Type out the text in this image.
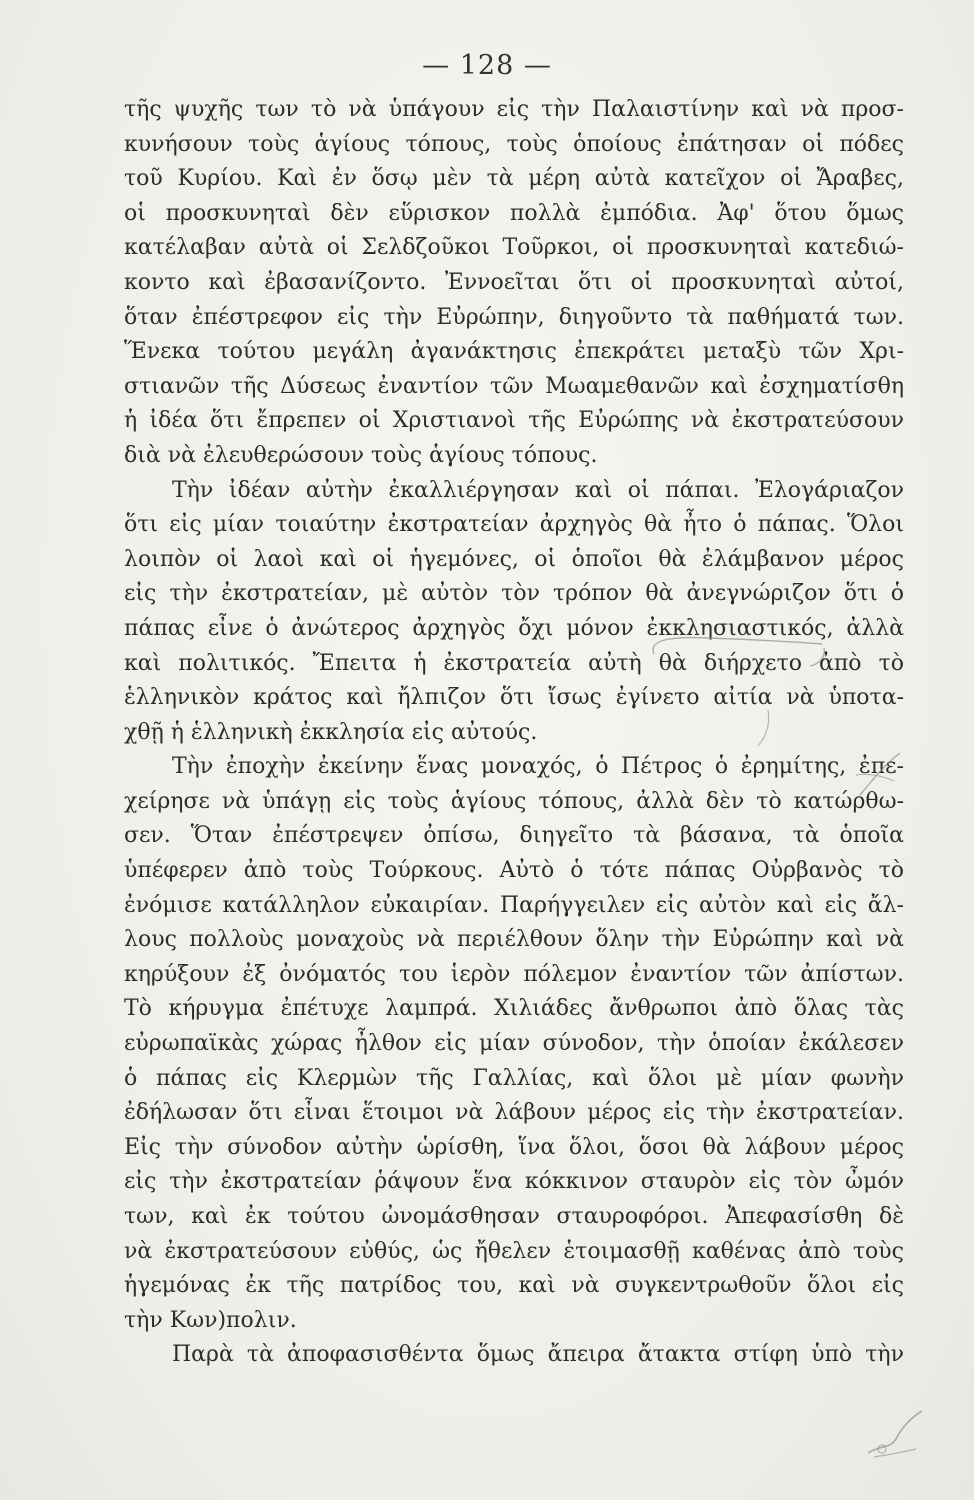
— 128 —
τῆς ψυχῆς των τὸ νὰ ὑπάγουν εἰς τὴν Παλαιστίνην καὶ νὰ προσ-
κυνήσουν τοὺς ἁγίους τόπους, τοὺς ὁποίους ἐπάτησαν οἱ πόδες
τοῦ Κυρίου. Καὶ ἐν ὅσῳ μὲν τὰ μέρη αὐτὰ κατεῖχον οἱ Ἄραβες,
οἱ προσκυνηταὶ δὲν εὕρισκον πολλὰ ἐμπόδια. Ἀφ' ὅτου ὅμως
κατέλαβαν αὐτὰ οἱ Σελδζοῦκοι Τοῦρκοι, οἱ προσκυνηταὶ κατεδιώ-
κοντο καὶ ἐβασανίζοντο. Ἐννοεῖται ὅτι οἱ προσκυνηταὶ αὐτοί,
ὅταν ἐπέστρεφον εἰς τὴν Εὐρώπην, διηγοῦντο τὰ παθήματά των.
Ἕνεκα τούτου μεγάλη ἀγανάκτησις ἐπεκράτει μεταξὺ τῶν Χρι-
στιανῶν τῆς Δύσεως ἐναντίον τῶν Μωαμεθανῶν καὶ ἐσχηματίσθη
ἡ ἰδέα ὅτι ἔπρεπεν οἱ Χριστιανοὶ τῆς Εὐρώπης νὰ ἐκστρατεύσουν
διὰ νὰ ἐλευθερώσουν τοὺς ἁγίους τόπους.
Τὴν ἰδέαν αὐτὴν ἐκαλλιέργησαν καὶ οἱ πάπαι. Ἐλογάριαζον
ὅτι εἰς μίαν τοιαύτην ἐκστρατείαν ἀρχηγὸς θὰ ἦτο ὁ πάπας. Ὅλοι
λοιπὸν οἱ λαοὶ καὶ οἱ ἡγεμόνες, οἱ ὁποῖοι θὰ ἐλάμβανον μέρος
εἰς τὴν ἐκστρατείαν, μὲ αὐτὸν τὸν τρόπον θὰ ἀνεγνώριζον ὅτι ὁ
πάπας εἶνε ὁ ἀνώτερος ἀρχηγὸς ὄχι μόνον ἐκκλησιαστικός, ἀλλὰ
καὶ πολιτικός. Ἔπειτα ἡ ἐκστρατεία αὐτὴ θὰ διήρχετο ἀπὸ τὸ
ἑλληνικὸν κράτος καὶ ἤλπιζον ὅτι ἴσως ἐγίνετο αἰτία νὰ ὑποτα-
χθῇ ἡ ἑλληνικὴ ἐκκλησία εἰς αὐτούς.
Τὴν ἐποχὴν ἐκείνην ἕνας μοναχός, ὁ Πέτρος ὁ ἐρημίτης, ἐπε-
χείρησε νὰ ὑπάγῃ εἰς τοὺς ἁγίους τόπους, ἀλλὰ δὲν τὸ κατώρθω-
σεν. Ὅταν ἐπέστρεψεν ὀπίσω, διηγεῖτο τὰ βάσανα, τὰ ὁποῖα
ὑπέφερεν ἀπὸ τοὺς Τούρκους. Αὐτὸ ὁ τότε πάπας Οὐρβανὸς τὸ
ἐνόμισε κατάλληλον εὐκαιρίαν. Παρήγγειλεν εἰς αὐτὸν καὶ εἰς ἄλ-
λους πολλοὺς μοναχοὺς νὰ περιέλθουν ὅλην τὴν Εὐρώπην καὶ νὰ
κηρύξουν ἐξ ὀνόματός του ἱερὸν πόλεμον ἐναντίον τῶν ἀπίστων.
Τὸ κήρυγμα ἐπέτυχε λαμπρά. Χιλιάδες ἄνθρωποι ἀπὸ ὅλας τὰς
εὐρωπαϊκὰς χώρας ἦλθον εἰς μίαν σύνοδον, τὴν ὁποίαν ἐκάλεσεν
ὁ πάπας εἰς Κλερμὼν τῆς Γαλλίας, καὶ ὅλοι μὲ μίαν φωνὴν
ἐδήλωσαν ὅτι εἶναι ἕτοιμοι νὰ λάβουν μέρος εἰς τὴν ἐκστρατείαν.
Εἰς τὴν σύνοδον αὐτὴν ὡρίσθη, ἵνα ὅλοι, ὅσοι θὰ λάβουν μέρος
εἰς τὴν ἐκστρατείαν ῥάψουν ἕνα κόκκινον σταυρὸν εἰς τὸν ὦμόν
των, καὶ ἐκ τούτου ὠνομάσθησαν σταυροφόροι. Ἀπεφασίσθη δὲ
νὰ ἐκστρατεύσουν εὐθύς, ὡς ἤθελεν ἑτοιμασθῇ καθένας ἀπὸ τοὺς
ἡγεμόνας ἐκ τῆς πατρίδος του, καὶ νὰ συγκεντρωθοῦν ὅλοι εἰς
τὴν Κων)πολιν.
Παρὰ τὰ ἀποφασισθέντα ὅμως ἄπειρα ἄτακτα στίφη ὑπὸ τὴν
